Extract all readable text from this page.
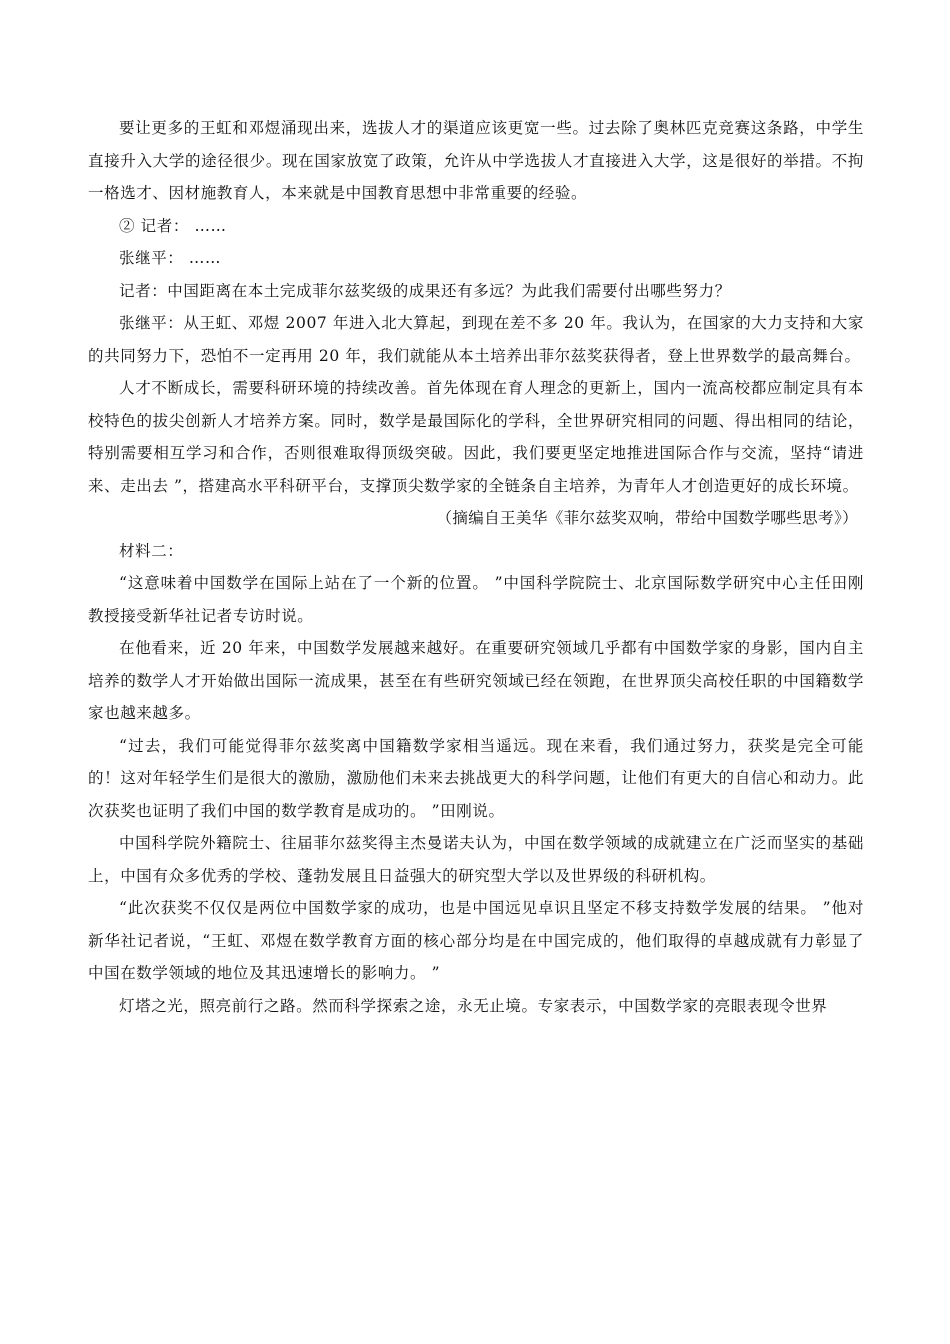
要让更多的王虹和邓煜涌现出来，选拔人才的渠道应该更宽一些。过去除了奥林匹克竞赛这条路，中学生直接升入大学的途径很少。现在国家放宽了政策，允许从中学选拔人才直接进入大学，这是很好的举措。不拘一格选才、因材施教育人，本来就是中国教育思想中非常重要的经验。

② 记者： ……

张继平： ……

记者：中国距离在本土完成菲尔兹奖级的成果还有多远？为此我们需要付出哪些努力？

张继平：从王虹、邓煜 2007 年进入北大算起，到现在差不多 20 年。我认为，在国家的大力支持和大家的共同努力下，恐怕不一定再用 20 年，我们就能从本土培养出菲尔兹奖获得者，登上世界数学的最高舞台。

人才不断成长，需要科研环境的持续改善。首先体现在育人理念的更新上，国内一流高校都应制定具有本校特色的拔尖创新人才培养方案。同时，数学是最国际化的学科，全世界研究相同的问题、得出相同的结论，特别需要相互学习和合作，否则很难取得顶级突破。因此，我们要更坚定地推进国际合作与交流，坚持“请进来、走出去 ”，搭建高水平科研平台，支撑顶尖数学家的全链条自主培养，为青年人才创造更好的成长环境。

（摘编自王美华《菲尔兹奖双响，带给中国数学哪些思考》）

材料二：

“这意味着中国数学在国际上站在了一个新的位置。 ”中国科学院院士、北京国际数学研究中心主任田刚教授接受新华社记者专访时说。

在他看来，近 20 年来，中国数学发展越来越好。在重要研究领域几乎都有中国数学家的身影，国内自主培养的数学人才开始做出国际一流成果，甚至在有些研究领域已经在领跑，在世界顶尖高校任职的中国籍数学家也越来越多。

“过去，我们可能觉得菲尔兹奖离中国籍数学家相当遥远。现在来看，我们通过努力，获奖是完全可能的！这对年轻学生们是很大的激励，激励他们未来去挑战更大的科学问题，让他们有更大的自信心和动力。此次获奖也证明了我们中国的数学教育是成功的。 ”田刚说。

中国科学院外籍院士、往届菲尔兹奖得主杰曼诺夫认为，中国在数学领域的成就建立在广泛而坚实的基础上，中国有众多优秀的学校、蓬勃发展且日益强大的研究型大学以及世界级的科研机构。

“此次获奖不仅仅是两位中国数学家的成功，也是中国远见卓识且坚定不移支持数学发展的结果。 ”他对新华社记者说，“王虹、邓煜在数学教育方面的核心部分均是在中国完成的，他们取得的卓越成就有力彰显了中国在数学领域的地位及其迅速增长的影响力。 ”

灯塔之光，照亮前行之路。然而科学探索之途，永无止境。专家表示，中国数学家的亮眼表现令世界
